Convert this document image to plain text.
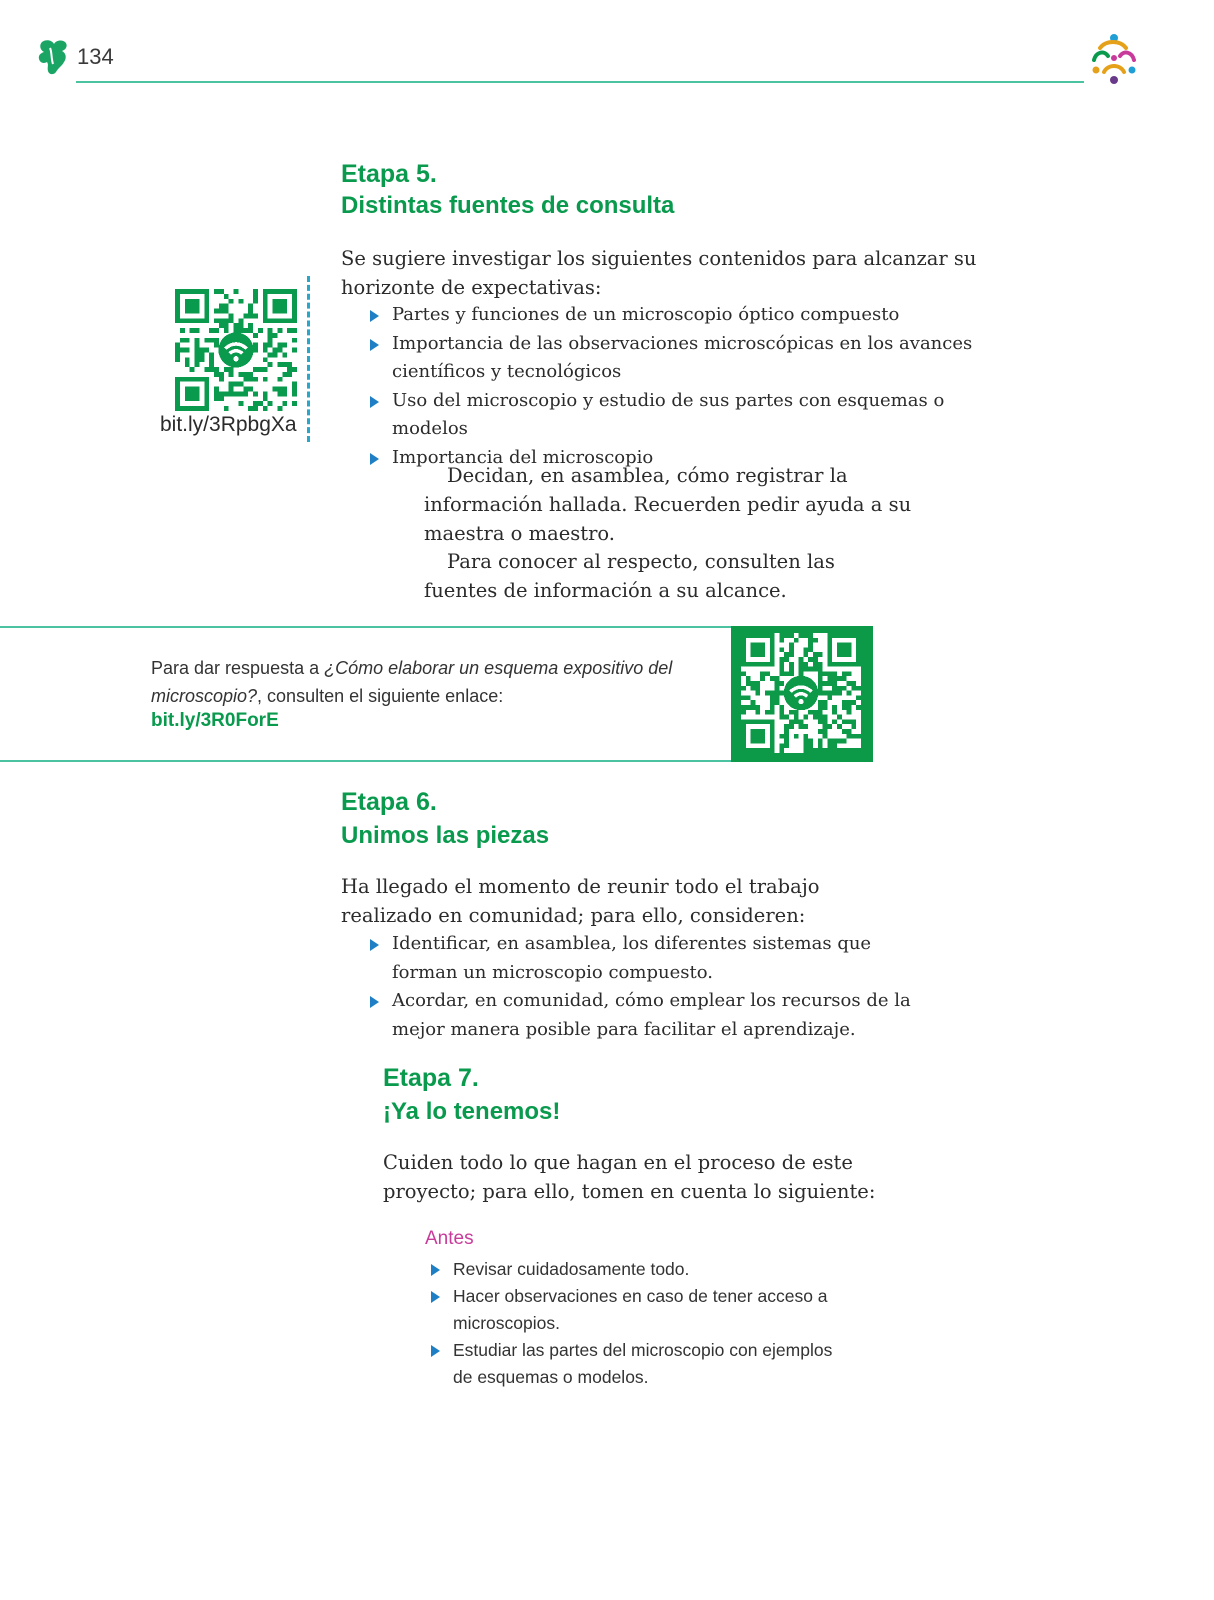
134
Etapa 5.
Distintas fuentes de consulta

Se sugiere investigar los siguientes contenidos para alcanzar su horizonte de expectativas:

Partes y funciones de un microscopio óptico compuesto
Importancia de las observaciones microscópicas en los avances científicos y tecnológicos
Uso del microscopio y estudio de sus partes con esquemas o modelos
Importancia del microscopio

Decidan, en asamblea, cómo registrar la información hallada. Recuerden pedir ayuda a su maestra o maestro.

Para conocer al respecto, consulten las fuentes de información a su alcance.

bit.ly/3RpbgXa

Para dar respuesta a ¿Cómo elaborar un esquema expositivo del microscopio?, consulten el siguiente enlace:

bit.ly/3R0ForE
Etapa 6.
Unimos las piezas

Ha llegado el momento de reunir todo el trabajo realizado en comunidad; para ello, consideren:

Identificar, en asamblea, los diferentes sistemas que forman un microscopio compuesto.
Acordar, en comunidad, cómo emplear los recursos de la mejor manera posible para facilitar el aprendizaje.
Etapa 7.
¡Ya lo tenemos!

Cuiden todo lo que hagan en el proceso de este proyecto; para ello, tomen en cuenta lo siguiente:

Antes
Revisar cuidadosamente todo.
Hacer observaciones en caso de tener acceso a microscopios.
Estudiar las partes del microscopio con ejemplos de esquemas o modelos.
